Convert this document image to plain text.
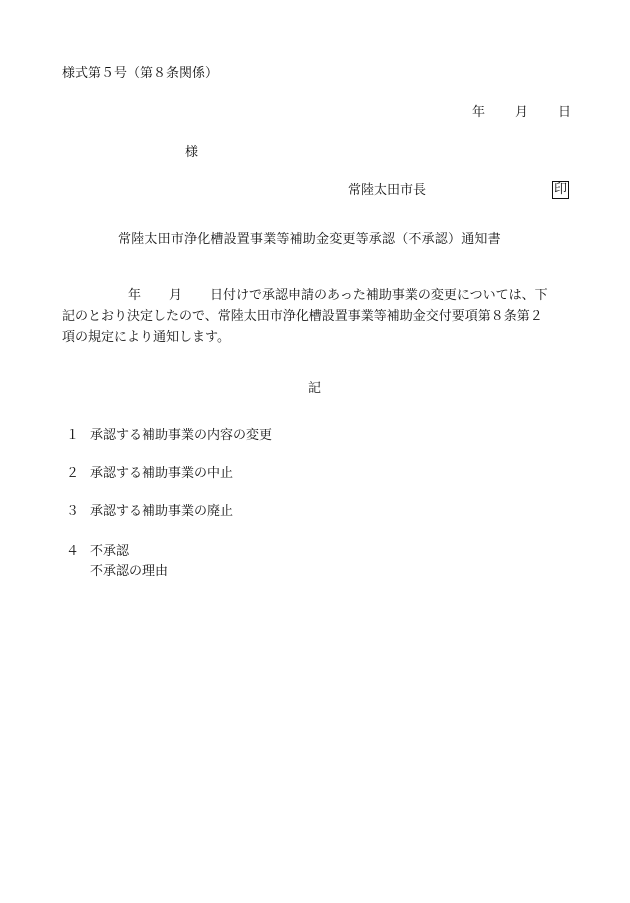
様式第５号（第８条関係）
年 月 日
様
常陸太田市長	印
常陸太田市浄化槽設置事業等補助金変更等承認（不承認）通知書
年 月 日付けで承認申請のあった補助事業の変更については、下
記のとおり決定したので、常陸太田市浄化槽設置事業等補助金交付要項第８条第２
項の規定により通知します。
記
１ 承認する補助事業の内容の変更
２ 承認する補助事業の中止
３ 承認する補助事業の廃止
４ 不承認
不承認の理由
